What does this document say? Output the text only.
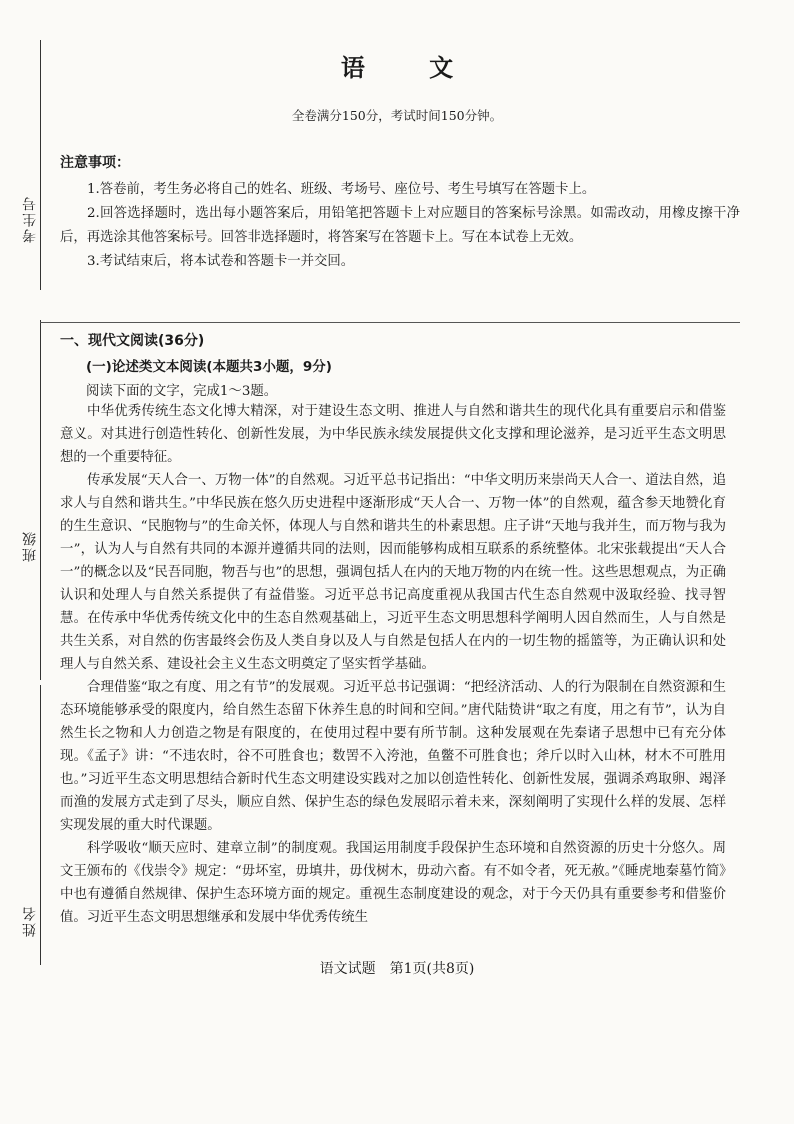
考生号
班级
姓名
语 文
全卷满分150分，考试时间150分钟。
注意事项：

1.答卷前，考生务必将自己的姓名、班级、考场号、座位号、考生号填写在答题卡上。

2.回答选择题时，选出每小题答案后，用铅笔把答题卡上对应题目的答案标号涂黑。如需改动，用橡皮擦干净后，再选涂其他答案标号。回答非选择题时，将答案写在答题卡上。写在本试卷上无效。

3.考试结束后，将本试卷和答题卡一并交回。

一、现代文阅读(36分)
(一)论述类文本阅读(本题共3小题，9分)
阅读下面的文字，完成1～3题。

中华优秀传统生态文化博大精深，对于建设生态文明、推进人与自然和谐共生的现代化具有重要启示和借鉴意义。对其进行创造性转化、创新性发展，为中华民族永续发展提供文化支撑和理论滋养，是习近平生态文明思想的一个重要特征。

传承发展“天人合一、万物一体”的自然观。习近平总书记指出：“中华文明历来崇尚天人合一、道法自然，追求人与自然和谐共生。”中华民族在悠久历史进程中逐渐形成“天人合一、万物一体”的自然观，蕴含参天地赞化育的生生意识、“民胞物与”的生命关怀，体现人与自然和谐共生的朴素思想。庄子讲“天地与我并生，而万物与我为一”，认为人与自然有共同的本源并遵循共同的法则，因而能够构成相互联系的系统整体。北宋张载提出“天人合一”的概念以及“民吾同胞，物吾与也”的思想，强调包括人在内的天地万物的内在统一性。这些思想观点，为正确认识和处理人与自然关系提供了有益借鉴。习近平总书记高度重视从我国古代生态自然观中汲取经验、找寻智慧。在传承中华优秀传统文化中的生态自然观基础上，习近平生态文明思想科学阐明人因自然而生，人与自然是共生关系，对自然的伤害最终会伤及人类自身以及人与自然是包括人在内的一切生物的摇篮等，为正确认识和处理人与自然关系、建设社会主义生态文明奠定了坚实哲学基础。

合理借鉴“取之有度、用之有节”的发展观。习近平总书记强调：“把经济活动、人的行为限制在自然资源和生态环境能够承受的限度内，给自然生态留下休养生息的时间和空间。”唐代陆贽讲“取之有度，用之有节”，认为自然生长之物和人力创造之物是有限度的，在使用过程中要有所节制。这种发展观在先秦诸子思想中已有充分体现。《孟子》讲：“不违农时，谷不可胜食也；数罟不入洿池，鱼鳖不可胜食也；斧斤以时入山林，材木不可胜用也。”习近平生态文明思想结合新时代生态文明建设实践对之加以创造性转化、创新性发展，强调杀鸡取卵、竭泽而渔的发展方式走到了尽头，顺应自然、保护生态的绿色发展昭示着未来，深刻阐明了实现什么样的发展、怎样实现发展的重大时代课题。

科学吸收“顺天应时、建章立制”的制度观。我国运用制度手段保护生态环境和自然资源的历史十分悠久。周文王颁布的《伐崇令》规定：“毋坏室，毋填井，毋伐树木，毋动六畜。有不如令者，死无赦。”《睡虎地秦墓竹简》中也有遵循自然规律、保护生态环境方面的规定。重视生态制度建设的观念，对于今天仍具有重要参考和借鉴价值。习近平生态文明思想继承和发展中华优秀传统生

语文试题　第1页(共8页)
